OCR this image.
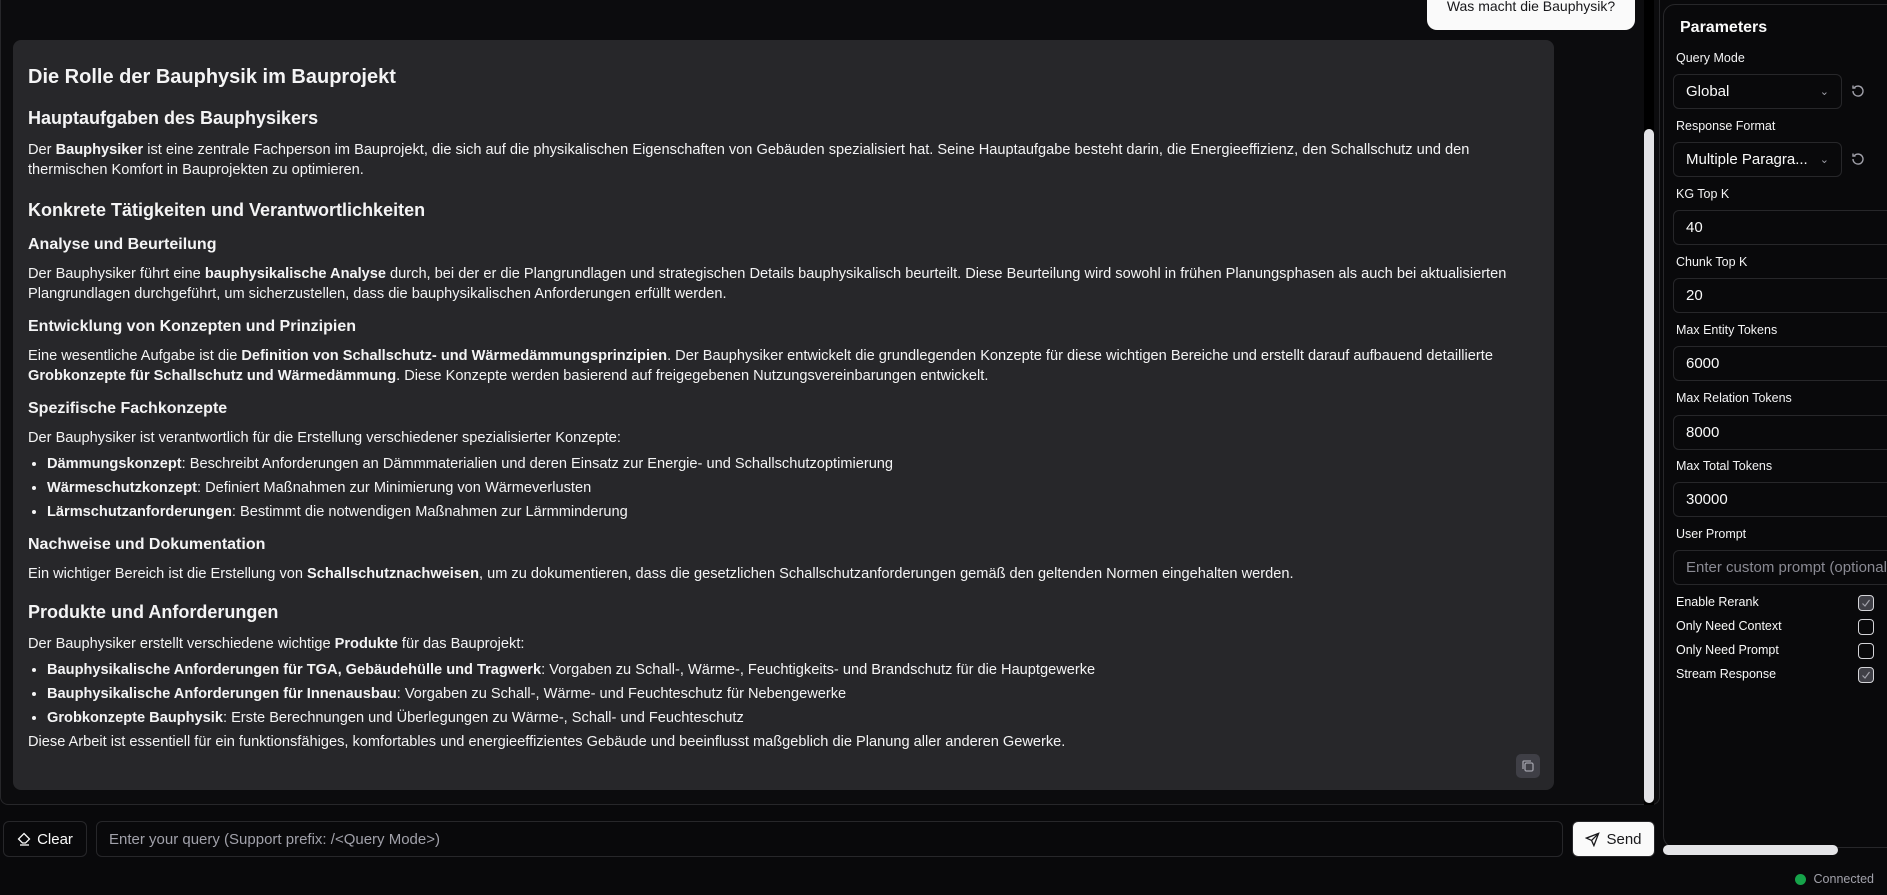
Was macht die Bauphysik?
Die Rolle der Bauphysik im Bauprojekt
Hauptaufgaben des Bauphysikers

Der Bauphysiker ist eine zentrale Fachperson im Bauprojekt, die sich auf die physikalischen Eigenschaften von Gebäuden spezialisiert hat. Seine Hauptaufgabe besteht darin, die Energieeffizienz, den Schallschutz und den thermischen Komfort in Bauprojekten zu optimieren.

Konkrete Tätigkeiten und Verantwortlichkeiten
Analyse und Beurteilung

Der Bauphysiker führt eine bauphysikalische Analyse durch, bei der er die Plangrundlagen und strategischen Details bauphysikalisch beurteilt. Diese Beurteilung wird sowohl in frühen Planungsphasen als auch bei aktualisierten Plangrundlagen durchgeführt, um sicherzustellen, dass die bauphysikalischen Anforderungen erfüllt werden.

Entwicklung von Konzepten und Prinzipien

Eine wesentliche Aufgabe ist die Definition von Schallschutz- und Wärmedämmungsprinzipien. Der Bauphysiker entwickelt die grundlegenden Konzepte für diese wichtigen Bereiche und erstellt darauf aufbauend detaillierte Grobkonzepte für Schallschutz und Wärmedämmung. Diese Konzepte werden basierend auf freigegebenen Nutzungsvereinbarungen entwickelt.

Spezifische Fachkonzepte

Der Bauphysiker ist verantwortlich für die Erstellung verschiedener spezialisierter Konzepte:

• Dämmungskonzept: Beschreibt Anforderungen an Dämmmaterialien und deren Einsatz zur Energie- und Schallschutzoptimierung
• Wärmeschutzkonzept: Definiert Maßnahmen zur Minimierung von Wärmeverlusten
• Lärmschutzanforderungen: Bestimmt die notwendigen Maßnahmen zur Lärmminderung
Nachweise und Dokumentation

Ein wichtiger Bereich ist die Erstellung von Schallschutznachweisen, um zu dokumentieren, dass die gesetzlichen Schallschutzanforderungen gemäß den geltenden Normen eingehalten werden.

Produkte und Anforderungen

Der Bauphysiker erstellt verschiedene wichtige Produkte für das Bauprojekt:

• Bauphysikalische Anforderungen für TGA, Gebäudehülle und Tragwerk: Vorgaben zu Schall-, Wärme-, Feuchtigkeits- und Brandschutz für die Hauptgewerke
• Bauphysikalische Anforderungen für Innenausbau: Vorgaben zu Schall-, Wärme- und Feuchteschutz für Nebengewerke
• Grobkonzepte Bauphysik: Erste Berechnungen und Überlegungen zu Wärme-, Schall- und Feuchteschutz

Diese Arbeit ist essentiell für ein funktionsfähiges, komfortables und energieeffizientes Gebäude und beeinflusst maßgeblich die Planung aller anderen Gewerke.

Clear
Enter your query (Support prefix: /<Query Mode>)	Send
Parameters
Query Mode
Global	⌄
Response Format
Multiple Paragra... ⌄
KG Top K
40
Chunk Top K
20
Max Entity Tokens
6000
Max Relation Tokens
8000
Max Total Tokens
30000
User Prompt
Enter custom prompt (optional)
Enable Rerank
Only Need Context
Only Need Prompt
Stream Response
Connected
